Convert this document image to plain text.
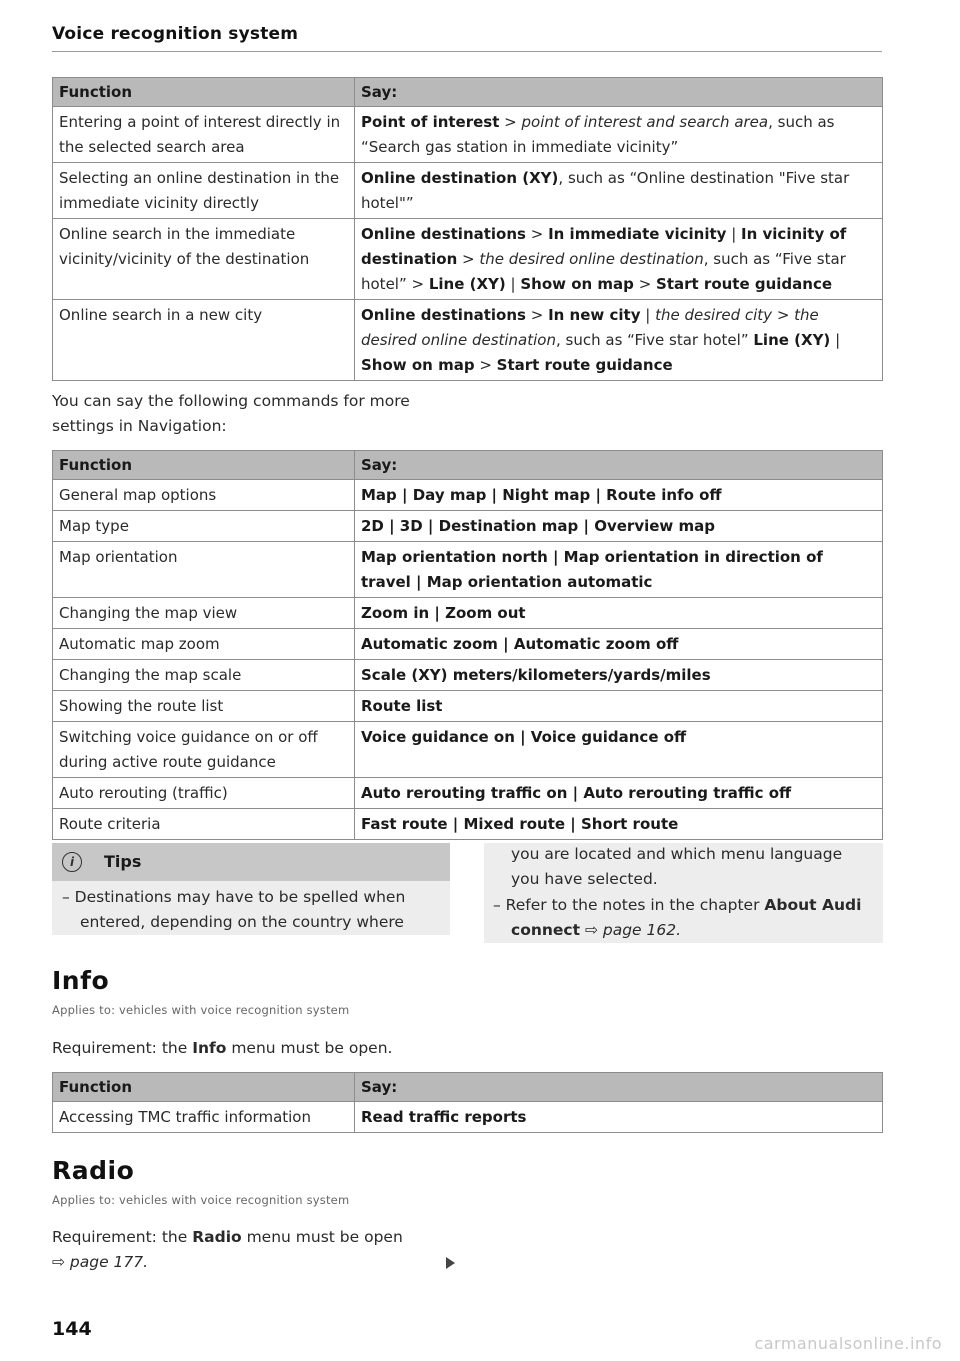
Voice recognition system
Function	Say:
Entering a point of interest directly in the selected search area	Point of interest > point of interest and search area, such as “Search gas station in immediate vicinity”
Selecting an online destination in the immediate vicinity directly	Online destination (XY), such as “Online destination "Five star hotel"”
Online search in the immediate vicinity/vicinity of the destination	Online destinations > In immediate vicinity | In vicinity of destination > the desired online destination, such as “Five star hotel” > Line (XY) | Show on map > Start route guidance
Online search in a new city	Online destinations > In new city | the desired city > the desired online destination, such as “Five star hotel” Line (XY) | Show on map > Start route guidance
You can say the following commands for more settings in Navigation:
Function	Say:
General map options	Map | Day map | Night map | Route info off
Map type	2D | 3D | Destination map | Overview map
Map orientation	Map orientation north | Map orientation in direction of travel | Map orientation automatic
Changing the map view	Zoom in | Zoom out
Automatic map zoom	Automatic zoom | Automatic zoom off
Changing the map scale	Scale (XY) meters/kilometers/yards/miles
Showing the route list	Route list
Switching voice guidance on or off during active route guidance	Voice guidance on | Voice guidance off
Auto rerouting (traffic)	Auto rerouting traffic on | Auto rerouting traffic off
Route criteria	Fast route | Mixed route | Short route
i	Tips
– Destinations may have to be spelled when entered, depending on the country where
you are located and which menu language you have selected.
– Refer to the notes in the chapter About Audi connect ⇨ page 162.
Info
Applies to: vehicles with voice recognition system
Requirement: the Info menu must be open.
Function	Say:
Accessing TMC traffic information	Read traffic reports
Radio
Applies to: vehicles with voice recognition system
Requirement: the Radio menu must be open
⇨ page 177.
144
carmanualsonline.info
